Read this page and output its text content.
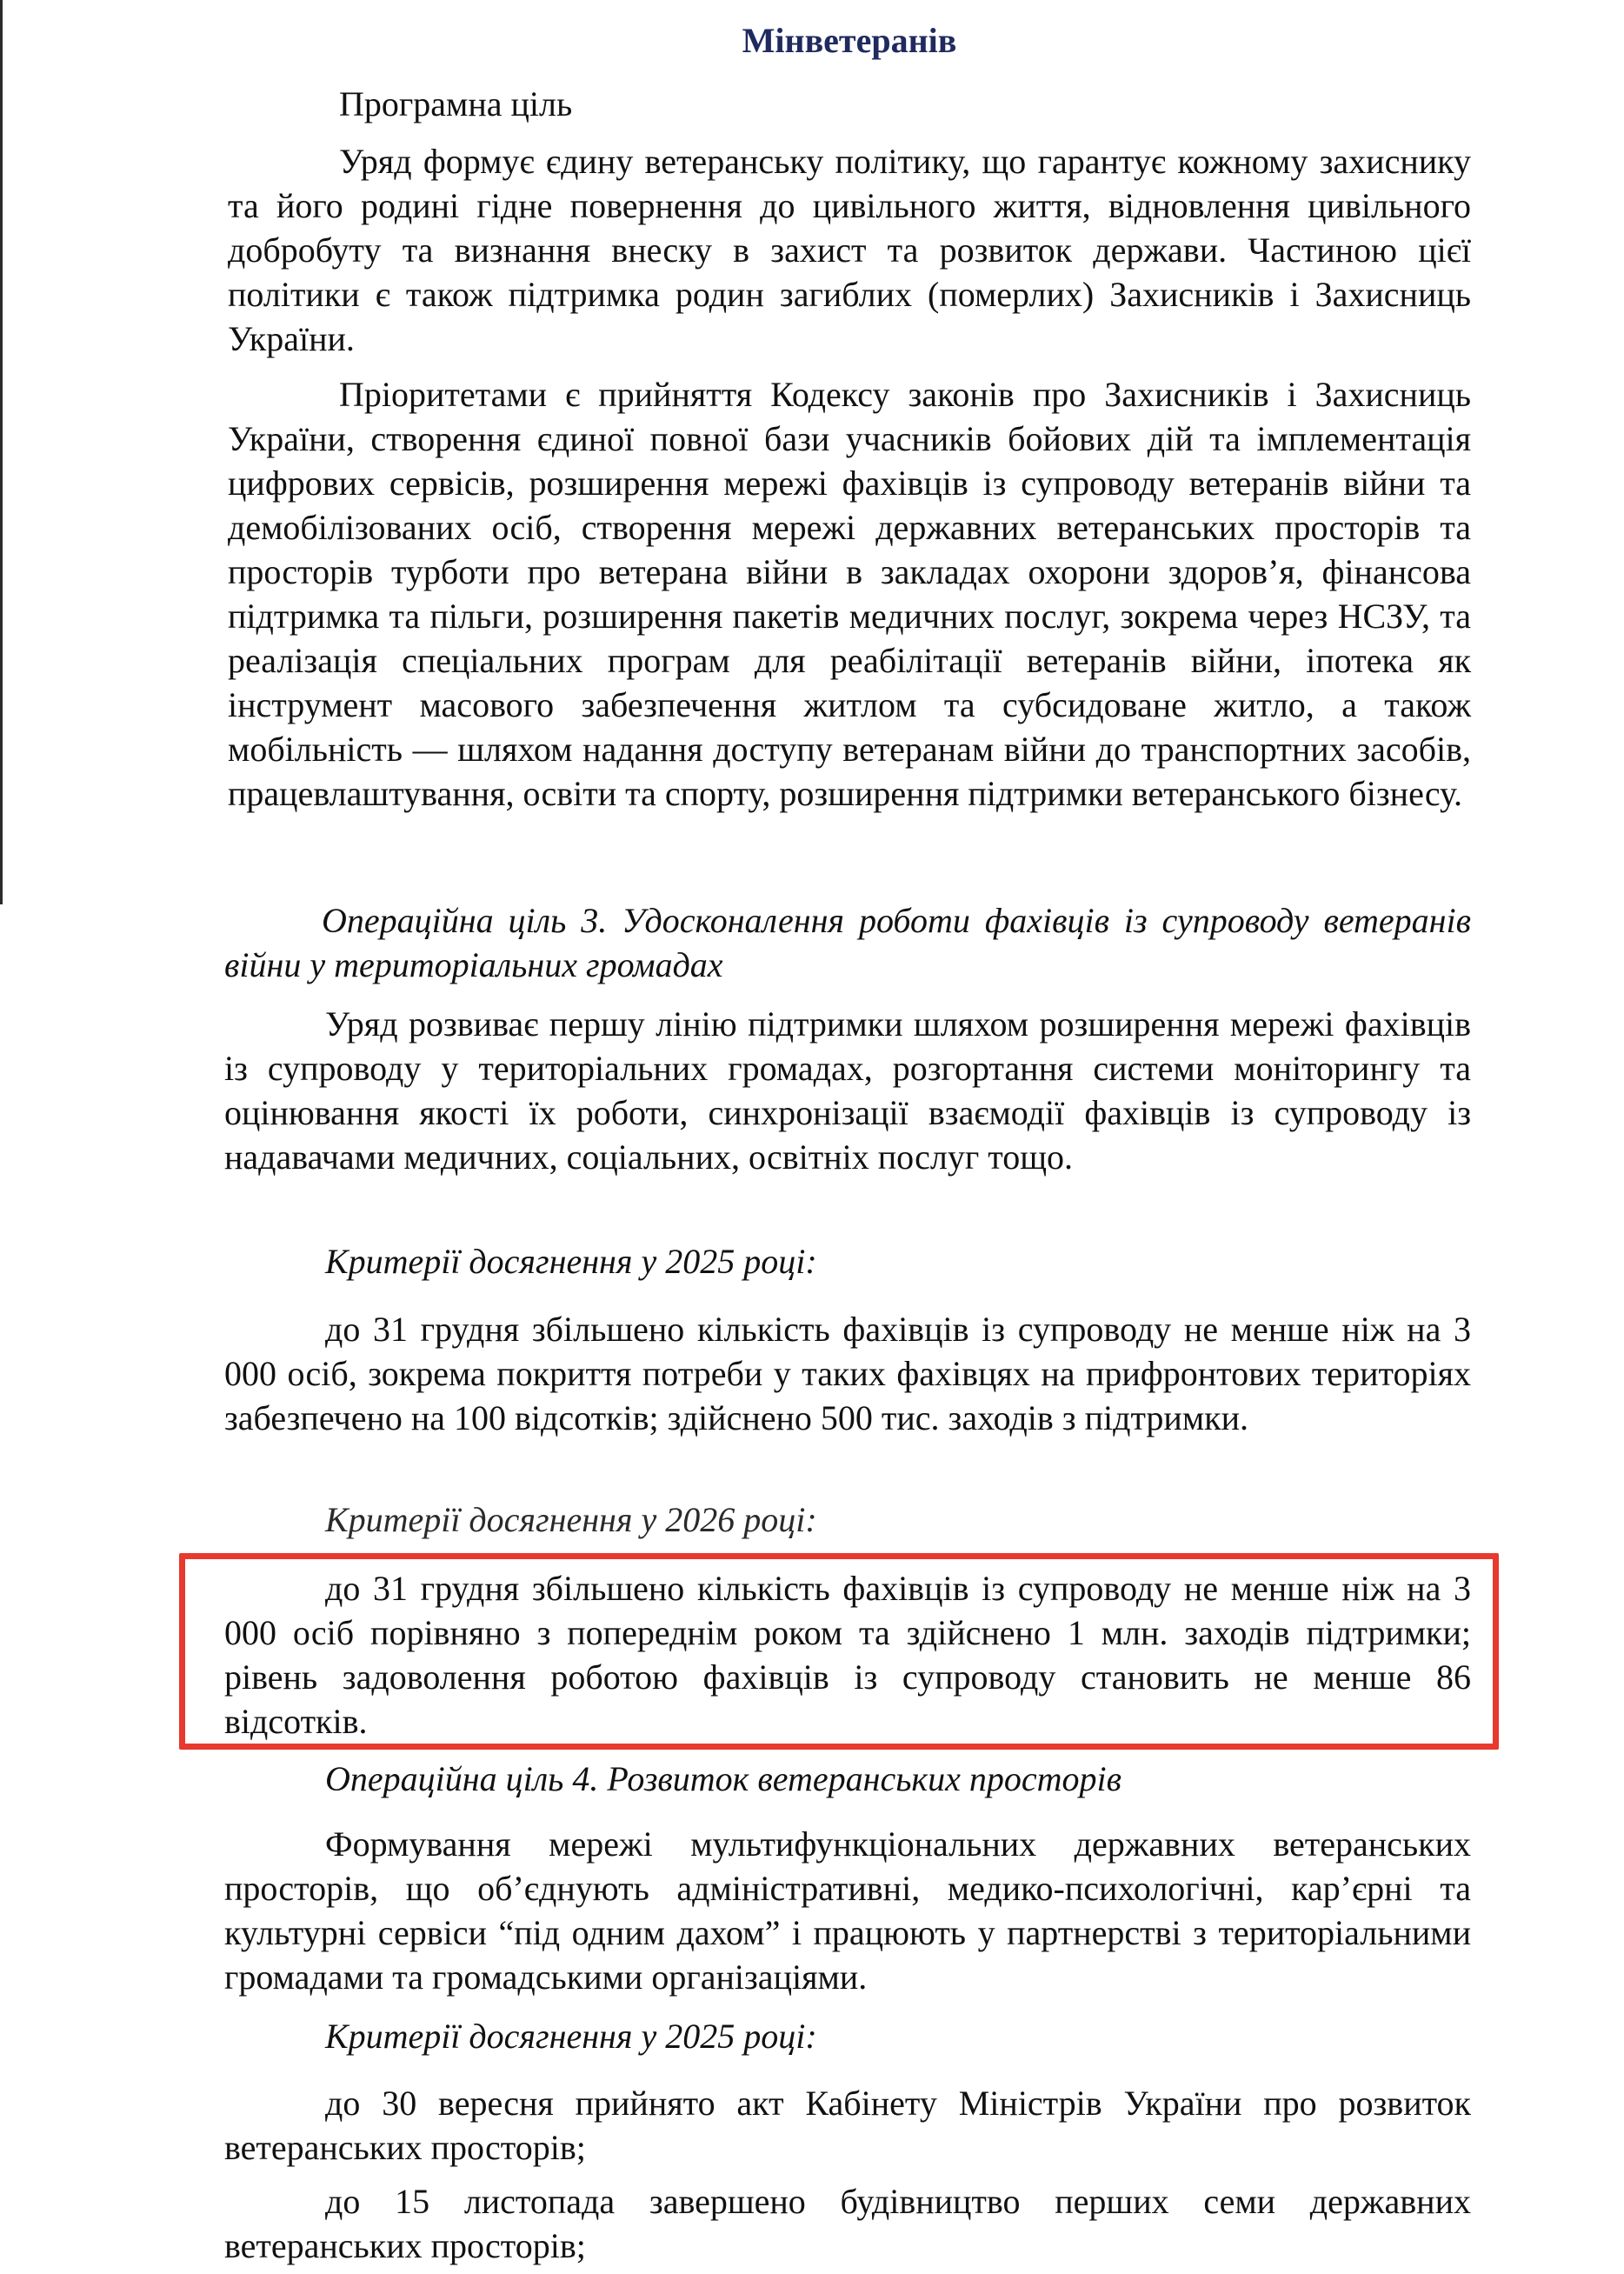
Мінветеранів
Програмна ціль
Уряд формує єдину ветеранську політику, що гарантує кожному захиснику та його родині гідне повернення до цивільного життя, відновлення цивільного добробуту та визнання внеску в захист та розвиток держави. Частиною цієї політики є також підтримка родин загиблих (померлих) Захисників і Захисниць України.
Пріоритетами є прийняття Кодексу законів про Захисників і Захисниць України, створення єдиної повної бази учасників бойових дій та імплементація цифрових сервісів, розширення мережі фахівців із супроводу ветеранів війни та демобілізованих осіб, створення мережі державних ветеранських просторів та просторів турботи про ветерана війни в закладах охорони здоров’я, фінансова підтримка та пільги, розширення пакетів медичних послуг, зокрема через НСЗУ, та реалізація спеціальних програм для реабілітації ветеранів війни, іпотека як інструмент масового забезпечення житлом та субсидоване житло, а також мобільність — шляхом надання доступу ветеранам війни до транспортних засобів, працевлаштування, освіти та спорту, розширення підтримки ветеранського бізнесу.
Операційна ціль 3. Удосконалення роботи фахівців із супроводу ветеранів війни у територіальних громадах
Уряд розвиває першу лінію підтримки шляхом розширення мережі фахівців із супроводу у територіальних громадах, розгортання системи моніторингу та оцінювання якості їх роботи, синхронізації взаємодії фахівців із супроводу із надавачами медичних, соціальних, освітніх послуг тощо.
Критерії досягнення у 2025 році:
до 31 грудня збільшено кількість фахівців із супроводу не менше ніж на 3 000 осіб, зокрема покриття потреби у таких фахівцях на прифронтових територіях забезпечено на 100 відсотків; здійснено 500 тис. заходів з підтримки.
Критерії досягнення у 2026 році:
до 31 грудня збільшено кількість фахівців із супроводу не менше ніж на 3 000 осіб порівняно з попереднім роком та здійснено 1 млн. заходів підтримки; рівень задоволення роботою фахівців із супроводу становить не менше 86 відсотків.
Операційна ціль 4. Розвиток ветеранських просторів
Формування мережі мультифункціональних державних ветеранських просторів, що об’єднують адміністративні, медико-психологічні, кар’єрні та культурні сервіси “під одним дахом” і працюють у партнерстві з територіальними громадами та громадськими організаціями.
Критерії досягнення у 2025 році:
до 30 вересня прийнято акт Кабінету Міністрів України про розвиток ветеранських просторів;
до 15 листопада завершено будівництво перших семи державних ветеранських просторів;
